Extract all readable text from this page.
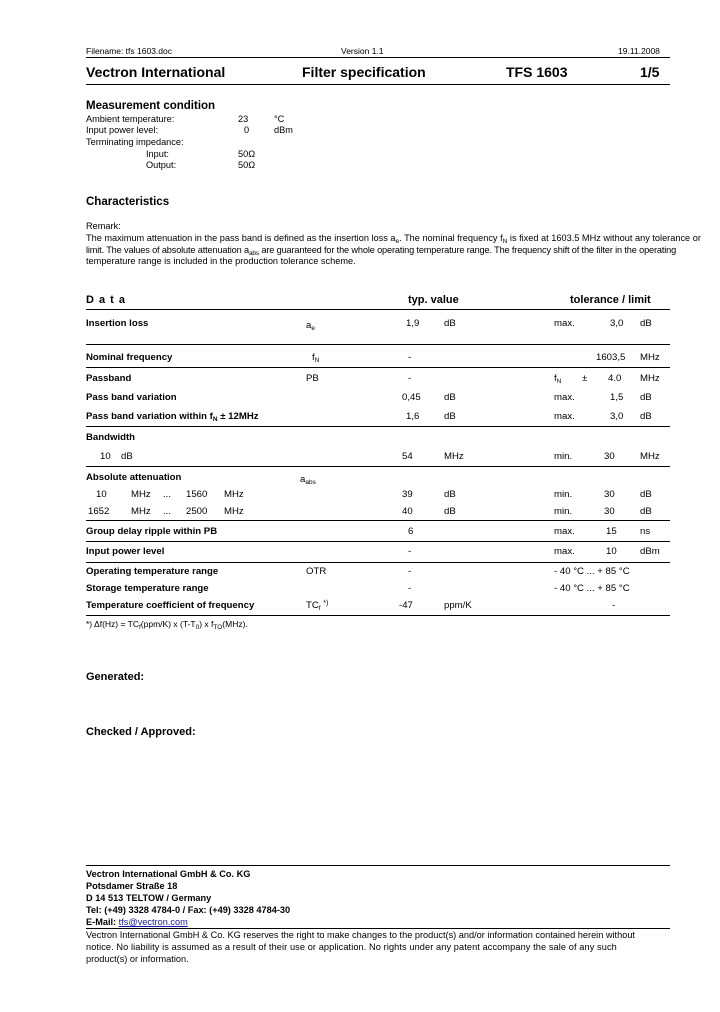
Filename: tfs 1603.doc	Version 1.1	19.11.2008
Vectron International	Filter specification	TFS 1603	1/5
Measurement condition
Ambient temperature:	23	°C
Input power level:	0	dBm
Terminating impedance:
Input:	50Ω
Output:	50Ω
Characteristics
Remark:
The maximum attenuation in the pass band is defined as the insertion loss $a_e$. The nominal frequency $f_N$ is fixed at 1603.5 MHz without any tolerance or
limit. The values of absolute attenuation $a_{abs}$ are guaranteed for the whole operating temperature range. The frequency shift of the filter in the operating
temperature range is included in the production tolerance scheme.
D a t a	typ. value	tolerance / limit
Insertion loss	$a_e$	1,9	dB	max.	3,0 dB
Nominal frequency	$f_N$	-	1603,5 MHz
Passband	PB	-	$f_N \pm 4.0$ MHz
Pass band variation	0,45 dB	max.	1,5 dB
Pass band variation within $f_N \pm 12MHz$	1,6	dB	max.	3,0 dB
Bandwidth
10 dB	54	MHz	min.	30	MHz
Absolute attenuation	$a_{abs}$
10	MHz ... 1560 MHz	39	dB	min.	30	dB
1652 MHz ... 2500 MHz	40	dB	min.	30	dB
Group delay ripple within PB	6	max.	15 ns
Input power level	-	max.	10 dBm
Operating temperature range	OTR	-	- 40 °C ... + 85 °C
Storage temperature range	-	- 40 °C ... + 85 °C
Temperature coefficient of frequency	$TC_f$ *)	-47	ppm/K	-
*) $\Delta f(Hz) = TC_f(ppm/K)$ x $(T-T_0)$ x $f_{TO}(MHz)$.
Generated:
Checked / Approved:
Vectron International GmbH & Co. KG
Potsdamer Straße 18
D 14 513 TELTOW / Germany
Tel: (+49) 3328 4784-0 / Fax: (+49) 3328 4784-30
E-Mail: tfs@vectron.com
Vectron International GmbH & Co. KG reserves the right to make changes to the product(s) and/or information contained herein without
notice. No liability is assumed as a result of their use or application. No rights under any patent accompany the sale of any such
product(s) or information.
